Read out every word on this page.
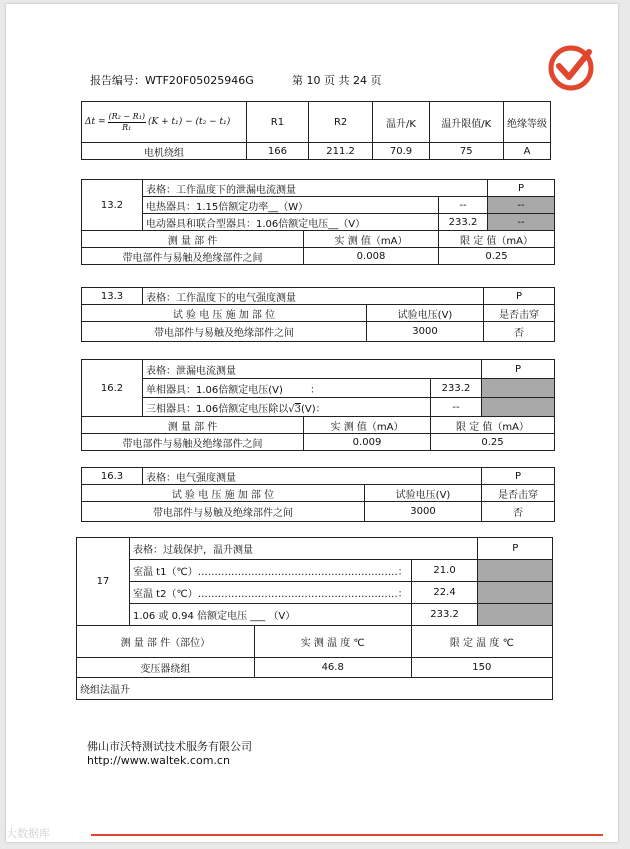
报告编号：WTF20F05025946G	第 10 页 共 24 页
$\Delta t = \frac{\text{(R₂ − R₁)}}{\text{R₁}} (K + t_1) - (t_2 - t_1)$	R1	R2	温升/K	温升限值/K	绝缘等级
电机绕组	166	211.2	70.9	75	A
13.2	表格：工作温度下的泄漏电流测量			P
	电热器具：1.15倍额定功率__（W）		--	--
	电动器具和联合型器具：1.06倍额定电压__（V）		233.2	--
测 量 部 件		实 测 值（mA）	限 定 值（mA）	
带电部件与易触及绝缘部件之间		0.008	0.25	
13.3	表格：工作温度下的电气强度测量		P
试 验 电 压 施 加 部 位		试验电压(V)	是否击穿
带电部件与易触及绝缘部件之间		3000	否
16.2	表格：泄漏电流测量			P
	单相器具：1.06倍额定电压(V) ：		233.2	
	三相器具：1.06倍额定电压除以√3(V)：		--	
测 量 部 件		实 测 值（mA）	限 定 值（mA）	
带电部件与易触及绝缘部件之间		0.009	0.25	
16.3	表格：电气强度测量		P
试 验 电 压 施 加 部 位		试验电压(V)	是否击穿
带电部件与易触及绝缘部件之间		3000	否
17	表格：过载保护，温升测量			P
	室温 t1（℃）……………………………………………………：		21.0	
	室温 t2（℃）……………………………………………………：		22.4	
	1.06 或 0.94 倍额定电压 ___ （V）		233.2	
测 量 部 件（部位）		实 测 温 度 ℃	限 定 温 度 ℃	
变压器绕组		46.8	150	
绕组法温升				
佛山市沃特测试技术服务有限公司
http://www.waltek.com.cn
大数据库
